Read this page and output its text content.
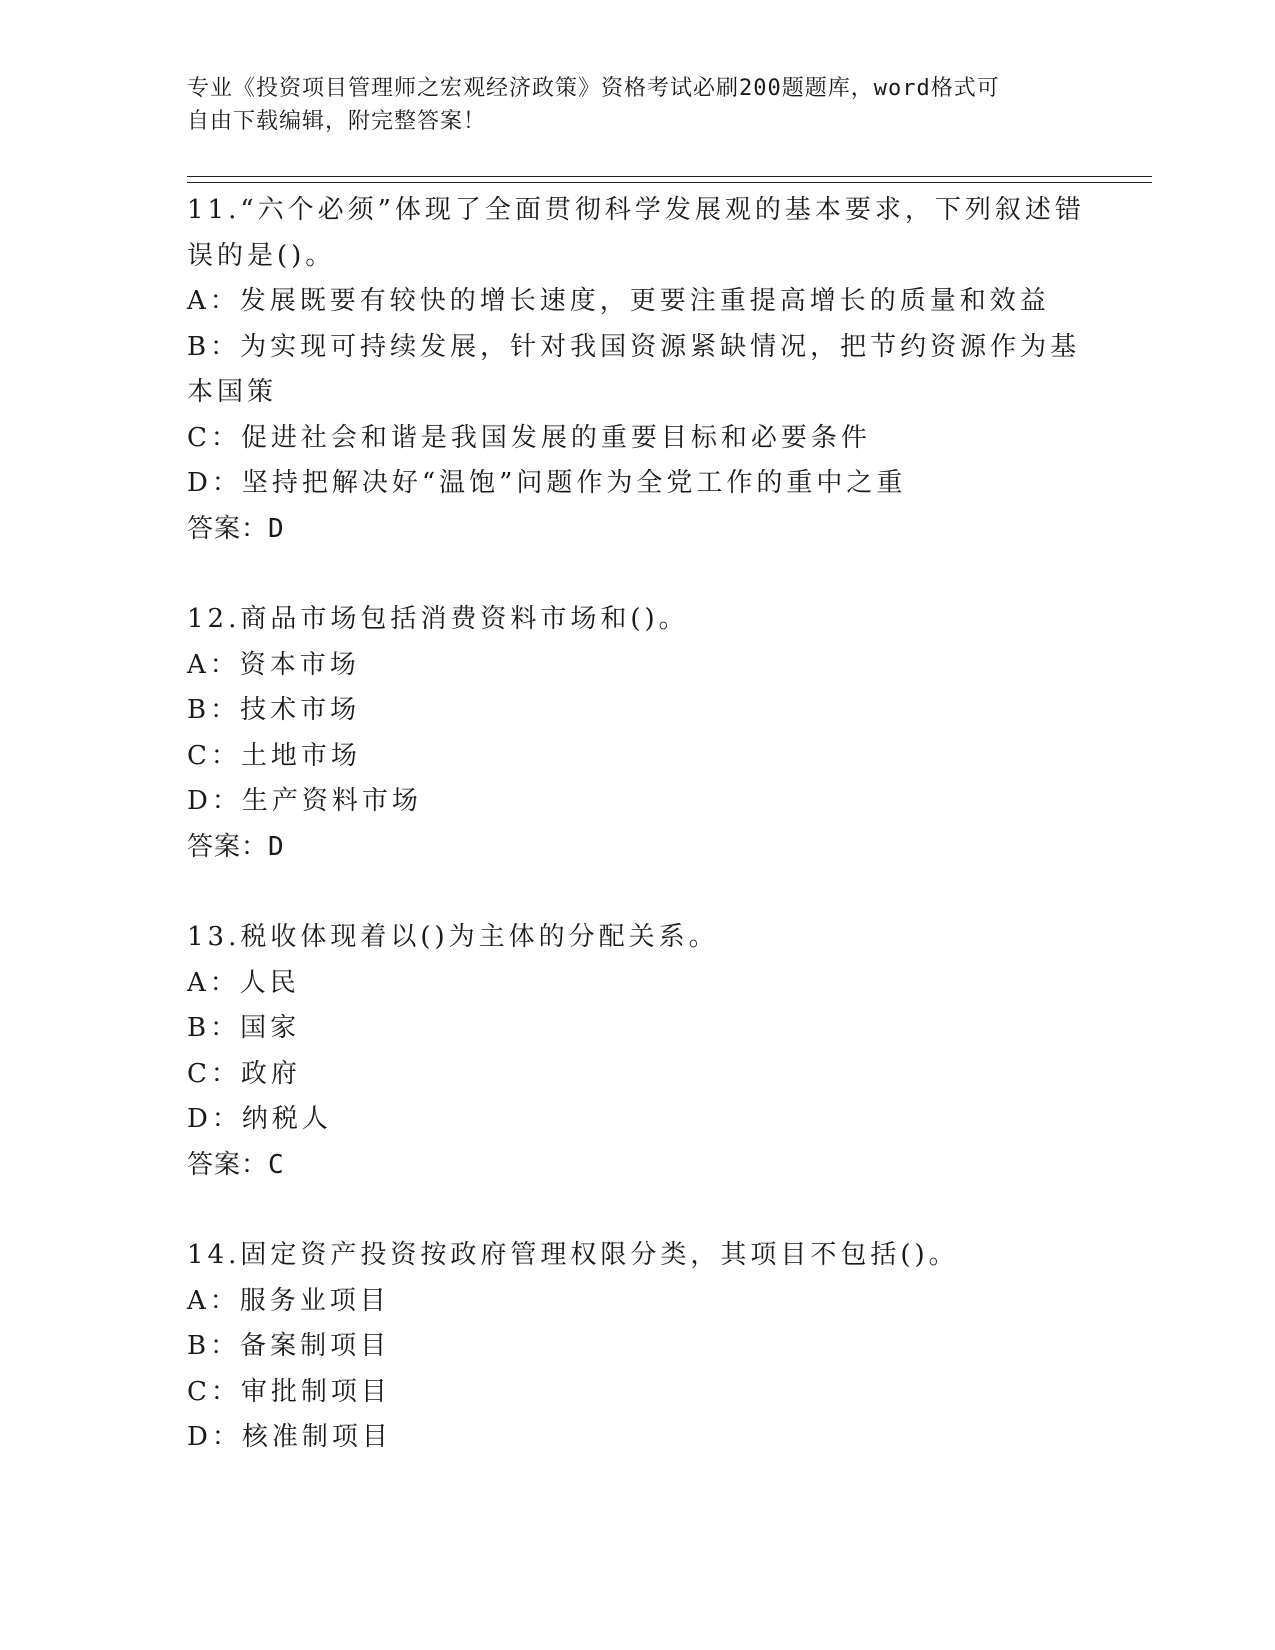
专业《投资项目管理师之宏观经济政策》资格考试必刷200题题库，word格式可
自由下载编辑，附完整答案！

11.“六个必须”体现了全面贯彻科学发展观的基本要求，下列叙述错误的是()。

A：发展既要有较快的增长速度，更要注重提高增长的质量和效益

B：为实现可持续发展，针对我国资源紧缺情况，把节约资源作为基本国策

C：促进社会和谐是我国发展的重要目标和必要条件

D：坚持把解决好“温饱”问题作为全党工作的重中之重

答案：D

12.商品市场包括消费资料市场和()。

A：资本市场

B：技术市场

C：土地市场

D：生产资料市场

答案：D

13.税收体现着以()为主体的分配关系。

A：人民

B：国家

C：政府

D：纳税人

答案：C

14.固定资产投资按政府管理权限分类，其项目不包括()。

A：服务业项目

B：备案制项目

C：审批制项目

D：核准制项目
